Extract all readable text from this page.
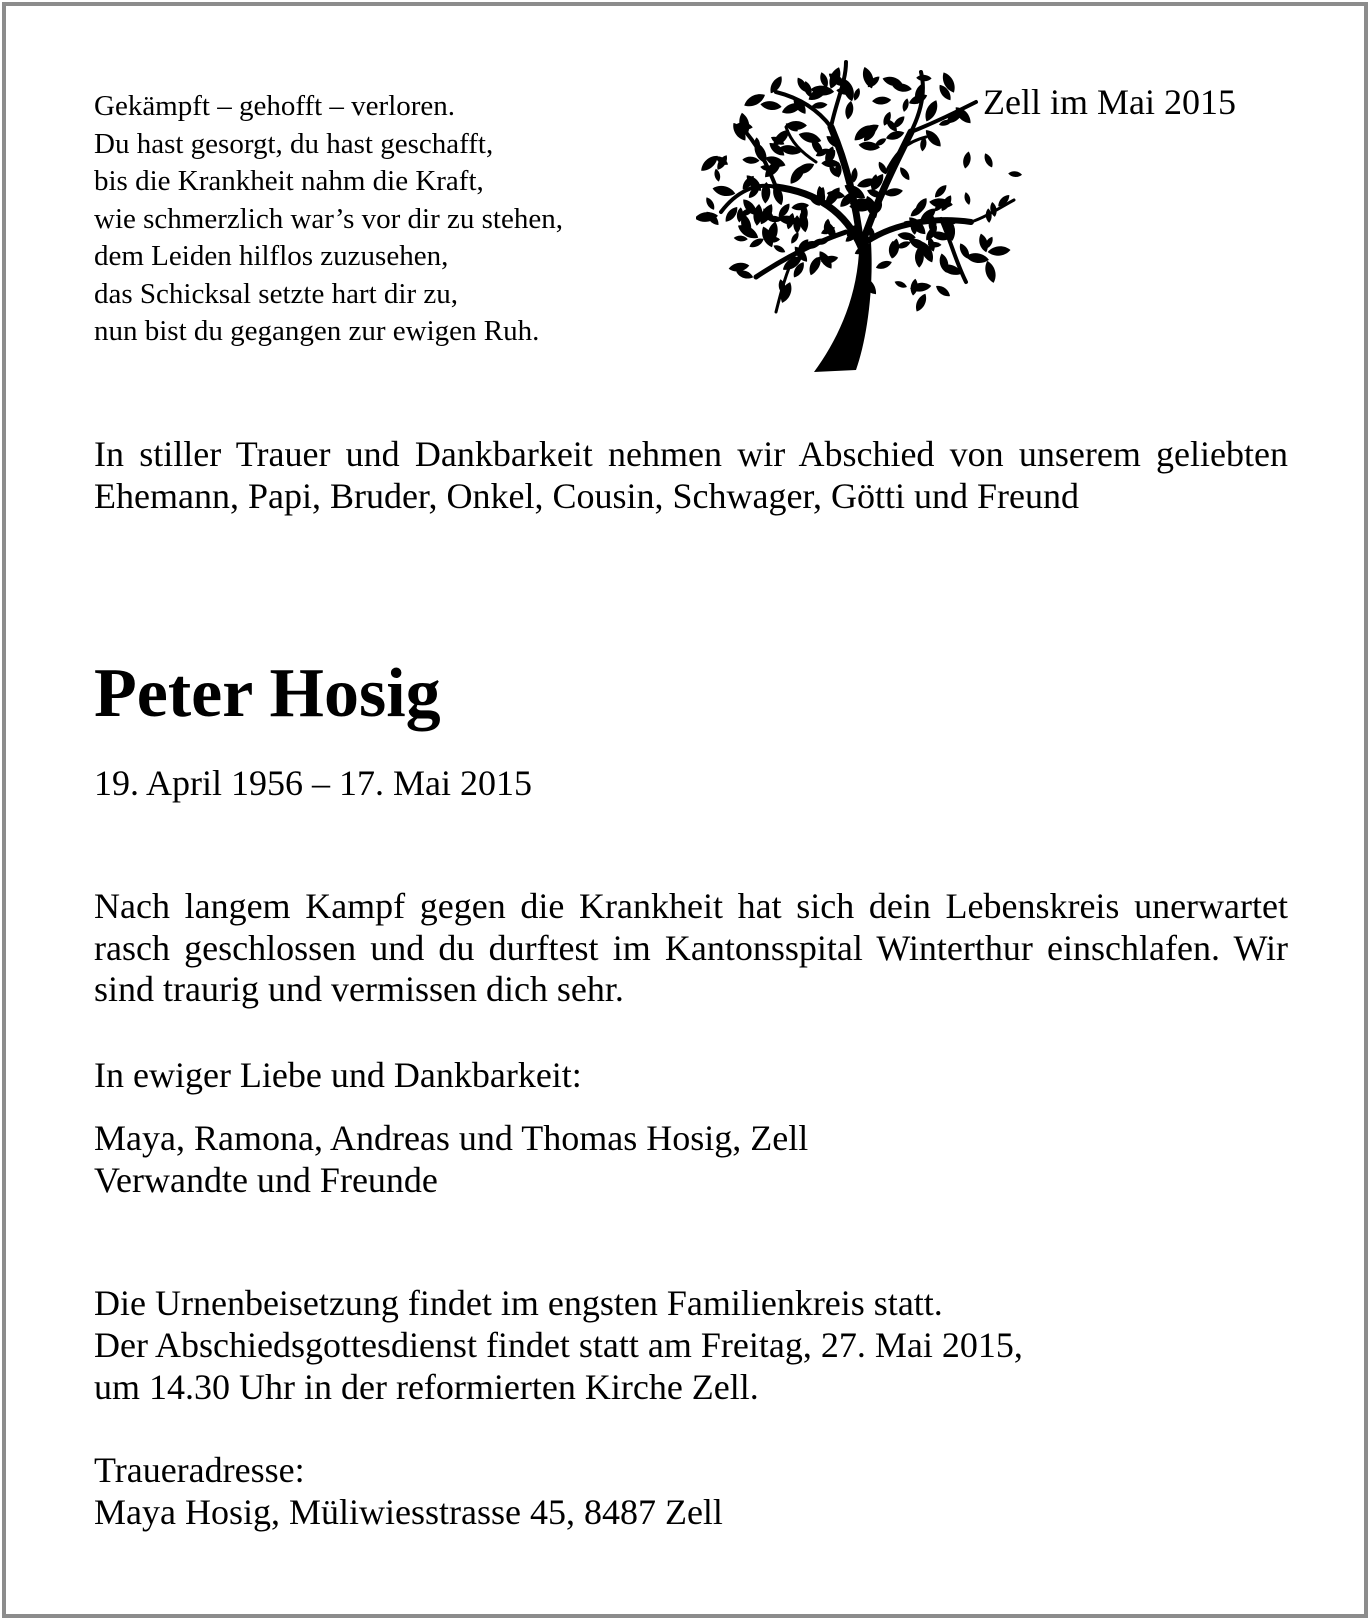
Gekämpft – gehofft – verloren.
Du hast gesorgt, du hast geschafft,
bis die Krankheit nahm die Kraft,
wie schmerzlich war’s vor dir zu stehen,
dem Leiden hilflos zuzusehen,
das Schicksal setzte hart dir zu,
nun bist du gegangen zur ewigen Ruh.
Zell im Mai 2015
In stiller Trauer und Dankbarkeit nehmen wir Abschied von unserem geliebten Ehemann, Papi, Bruder, Onkel, Cousin, Schwager, Götti und Freund
Peter Hosig
19. April 1956 – 17. Mai 2015
Nach langem Kampf gegen die Krankheit hat sich dein Lebenskreis unerwartet rasch geschlossen und du durftest im Kantonsspital Winterthur einschlafen. Wir sind traurig und vermissen dich sehr.
In ewiger Liebe und Dankbarkeit:
Maya, Ramona, Andreas und Thomas Hosig, Zell
Verwandte und Freunde
Die Urnenbeisetzung findet im engsten Familienkreis statt.
Der Abschiedsgottesdienst findet statt am Freitag, 27. Mai 2015,
um 14.30 Uhr in der reformierten Kirche Zell.
Traueradresse:
Maya Hosig, Müliwiesstrasse 45, 8487 Zell
